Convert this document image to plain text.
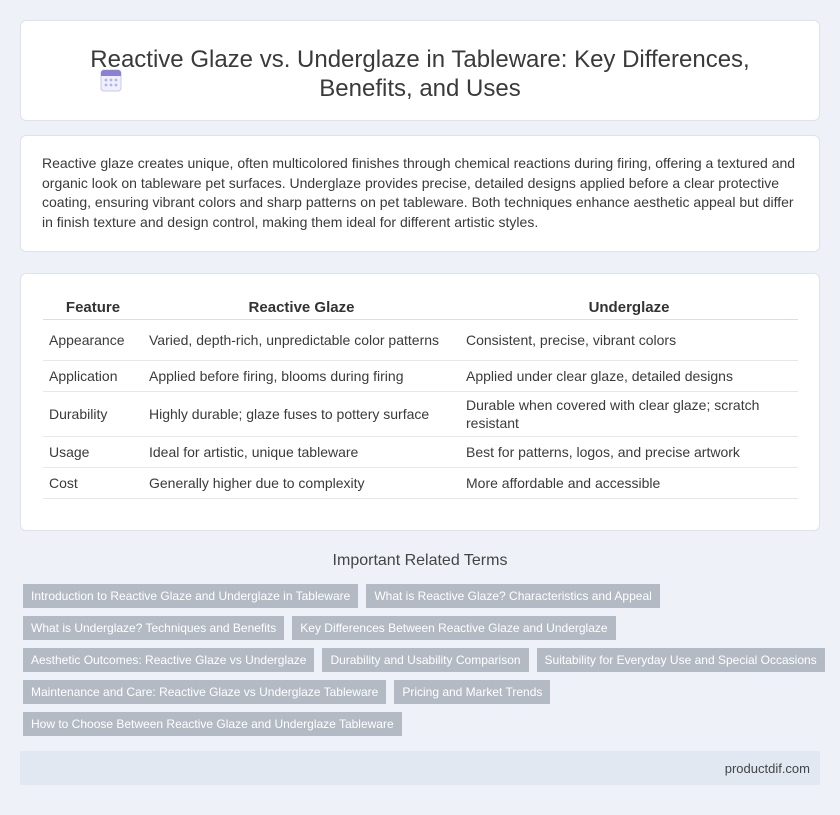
Reactive Glaze vs. Underglaze in Tableware: Key Differences,
Benefits, and Uses

Reactive glaze creates unique, often multicolored finishes through chemical reactions during firing, offering a textured and organic look on tableware pet surfaces. Underglaze provides precise, detailed designs applied before a clear protective coating, ensuring vibrant colors and sharp patterns on pet tableware. Both techniques enhance aesthetic appeal but differ in finish texture and design control, making them ideal for different artistic styles.

Feature	Reactive Glaze	Underglaze
Appearance	Varied, depth-rich, unpredictable color patterns	Consistent, precise, vibrant colors
Application	Applied before firing, blooms during firing	Applied under clear glaze, detailed designs
Durability	Highly durable; glaze fuses to pottery surface	Durable when covered with clear glaze; scratch resistant
Usage	Ideal for artistic, unique tableware	Best for patterns, logos, and precise artwork
Cost	Generally higher due to complexity	More affordable and accessible
Important Related Terms
Introduction to Reactive Glaze and Underglaze in Tableware	What is Reactive Glaze? Characteristics and Appeal
What is Underglaze? Techniques and Benefits	Key Differences Between Reactive Glaze and Underglaze
Aesthetic Outcomes: Reactive Glaze vs Underglaze	Durability and Usability Comparison	Suitability for Everyday Use and Special Occasions
Maintenance and Care: Reactive Glaze vs Underglaze Tableware	Pricing and Market Trends
How to Choose Between Reactive Glaze and Underglaze Tableware
productdif.com
